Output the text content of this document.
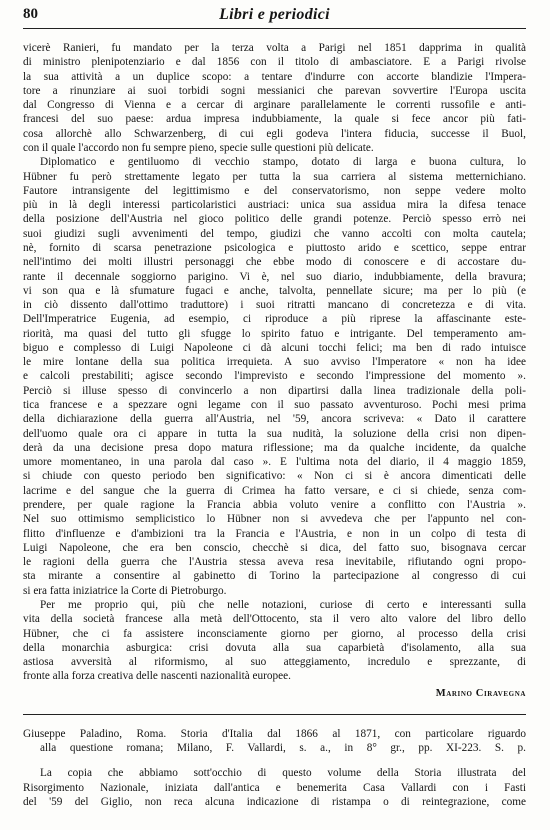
80	Libri e periodici

vicerè Ranieri, fu mandato per la terza volta a Parigi nel 1851 dapprima in qualità

di ministro plenipotenziario e dal 1856 con il titolo di ambasciatore. E a Parigi rivolse

la sua attività a un duplice scopo: a tentare d'indurre con accorte blandizie l'Impera-

tore a rinunziare ai suoi torbidi sogni messianici che parevan sovvertire l'Europa uscita

dal Congresso di Vienna e a cercar di arginare parallelamente le correnti russofile e anti-

francesi del suo paese: ardua impresa indubbiamente, la quale si fece ancor più fati-

cosa allorchè allo Schwarzenberg, di cui egli godeva l'intera fiducia, successe il Buol,

con il quale l'accordo non fu sempre pieno, specie sulle questioni più delicate.

Diplomatico e gentiluomo di vecchio stampo, dotato di larga e buona cultura, lo

Hübner fu però strettamente legato per tutta la sua carriera al sistema metternichiano.

Fautore intransigente del legittimismo e del conservatorismo, non seppe vedere molto

più in là degli interessi particolaristici austriaci: unica sua assidua mira la difesa tenace

della posizione dell'Austria nel gioco politico delle grandi potenze. Perciò spesso errò nei

suoi giudizi sugli avvenimenti del tempo, giudizi che vanno accolti con molta cautela;

nè, fornito di scarsa penetrazione psicologica e piuttosto arido e scettico, seppe entrar

nell'intimo dei molti illustri personaggi che ebbe modo di conoscere e di accostare du-

rante il decennale soggiorno parigino. Vi è, nel suo diario, indubbiamente, della bravura;

vi son qua e là sfumature fugaci e anche, talvolta, pennellate sicure; ma per lo più (e

in ciò dissento dall'ottimo traduttore) i suoi ritratti mancano di concretezza e di vita.

Dell'Imperatrice Eugenia, ad esempio, ci riproduce a più riprese la affascinante este-

riorità, ma quasi del tutto gli sfugge lo spirito fatuo e intrigante. Del temperamento am-

biguo e complesso di Luigi Napoleone ci dà alcuni tocchi felici; ma ben di rado intuisce

le mire lontane della sua politica irrequieta. A suo avviso l'Imperatore « non ha idee

e calcoli prestabiliti; agisce secondo l'imprevisto e secondo l'impressione del momento ».

Perciò si illuse spesso di convincerlo a non dipartirsi dalla linea tradizionale della poli-

tica francese e a spezzare ogni legame con il suo passato avventuroso. Pochi mesi prima

della dichiarazione della guerra all'Austria, nel '59, ancora scriveva: « Dato il carattere

dell'uomo quale ora ci appare in tutta la sua nudità, la soluzione della crisi non dipen-

derà da una decisione presa dopo matura riflessione; ma da qualche incidente, da qualche

umore momentaneo, in una parola dal caso ». E l'ultima nota del diario, il 4 maggio 1859,

si chiude con questo periodo ben significativo: « Non ci si è ancora dimenticati delle

lacrime e del sangue che la guerra di Crimea ha fatto versare, e ci si chiede, senza com-

prendere, per quale ragione la Francia abbia voluto venire a conflitto con l'Austria ».

Nel suo ottimismo semplicistico lo Hübner non si avvedeva che per l'appunto nel con-

flitto d'influenze e d'ambizioni tra la Francia e l'Austria, e non in un colpo di testa di

Luigi Napoleone, che era ben conscio, checchè si dica, del fatto suo, bisognava cercar

le ragioni della guerra che l'Austria stessa aveva resa inevitabile, rifiutando ogni propo-

sta mirante a consentire al gabinetto di Torino la partecipazione al congresso di cui

si era fatta iniziatrice la Corte di Pietroburgo.

Per me proprio qui, più che nelle notazioni, curiose di certo e interessanti sulla

vita della società francese alla metà dell'Ottocento, sta il vero alto valore del libro dello

Hübner, che ci fa assistere inconsciamente giorno per giorno, al processo della crisi

della monarchia asburgica: crisi dovuta alla sua caparbietà d'isolamento, alla sua

astiosa avversità al riformismo, al suo atteggiamento, incredulo e sprezzante, di

fronte alla forza creativa delle nascenti nazionalità europee.

Marino Ciravegna

Giuseppe Paladino, Roma. Storia d'Italia dal 1866 al 1871, con particolare riguardo

alla questione romana; Milano, F. Vallardi, s. a., in 8° gr., pp. XI-223. S. p.

La copia che abbiamo sott'occhio di questo volume della Storia illustrata del

Risorgimento Nazionale, iniziata dall'antica e benemerita Casa Vallardi con i Fasti

del '59 del Giglio, non reca alcuna indicazione di ristampa o di reintegrazione, come
